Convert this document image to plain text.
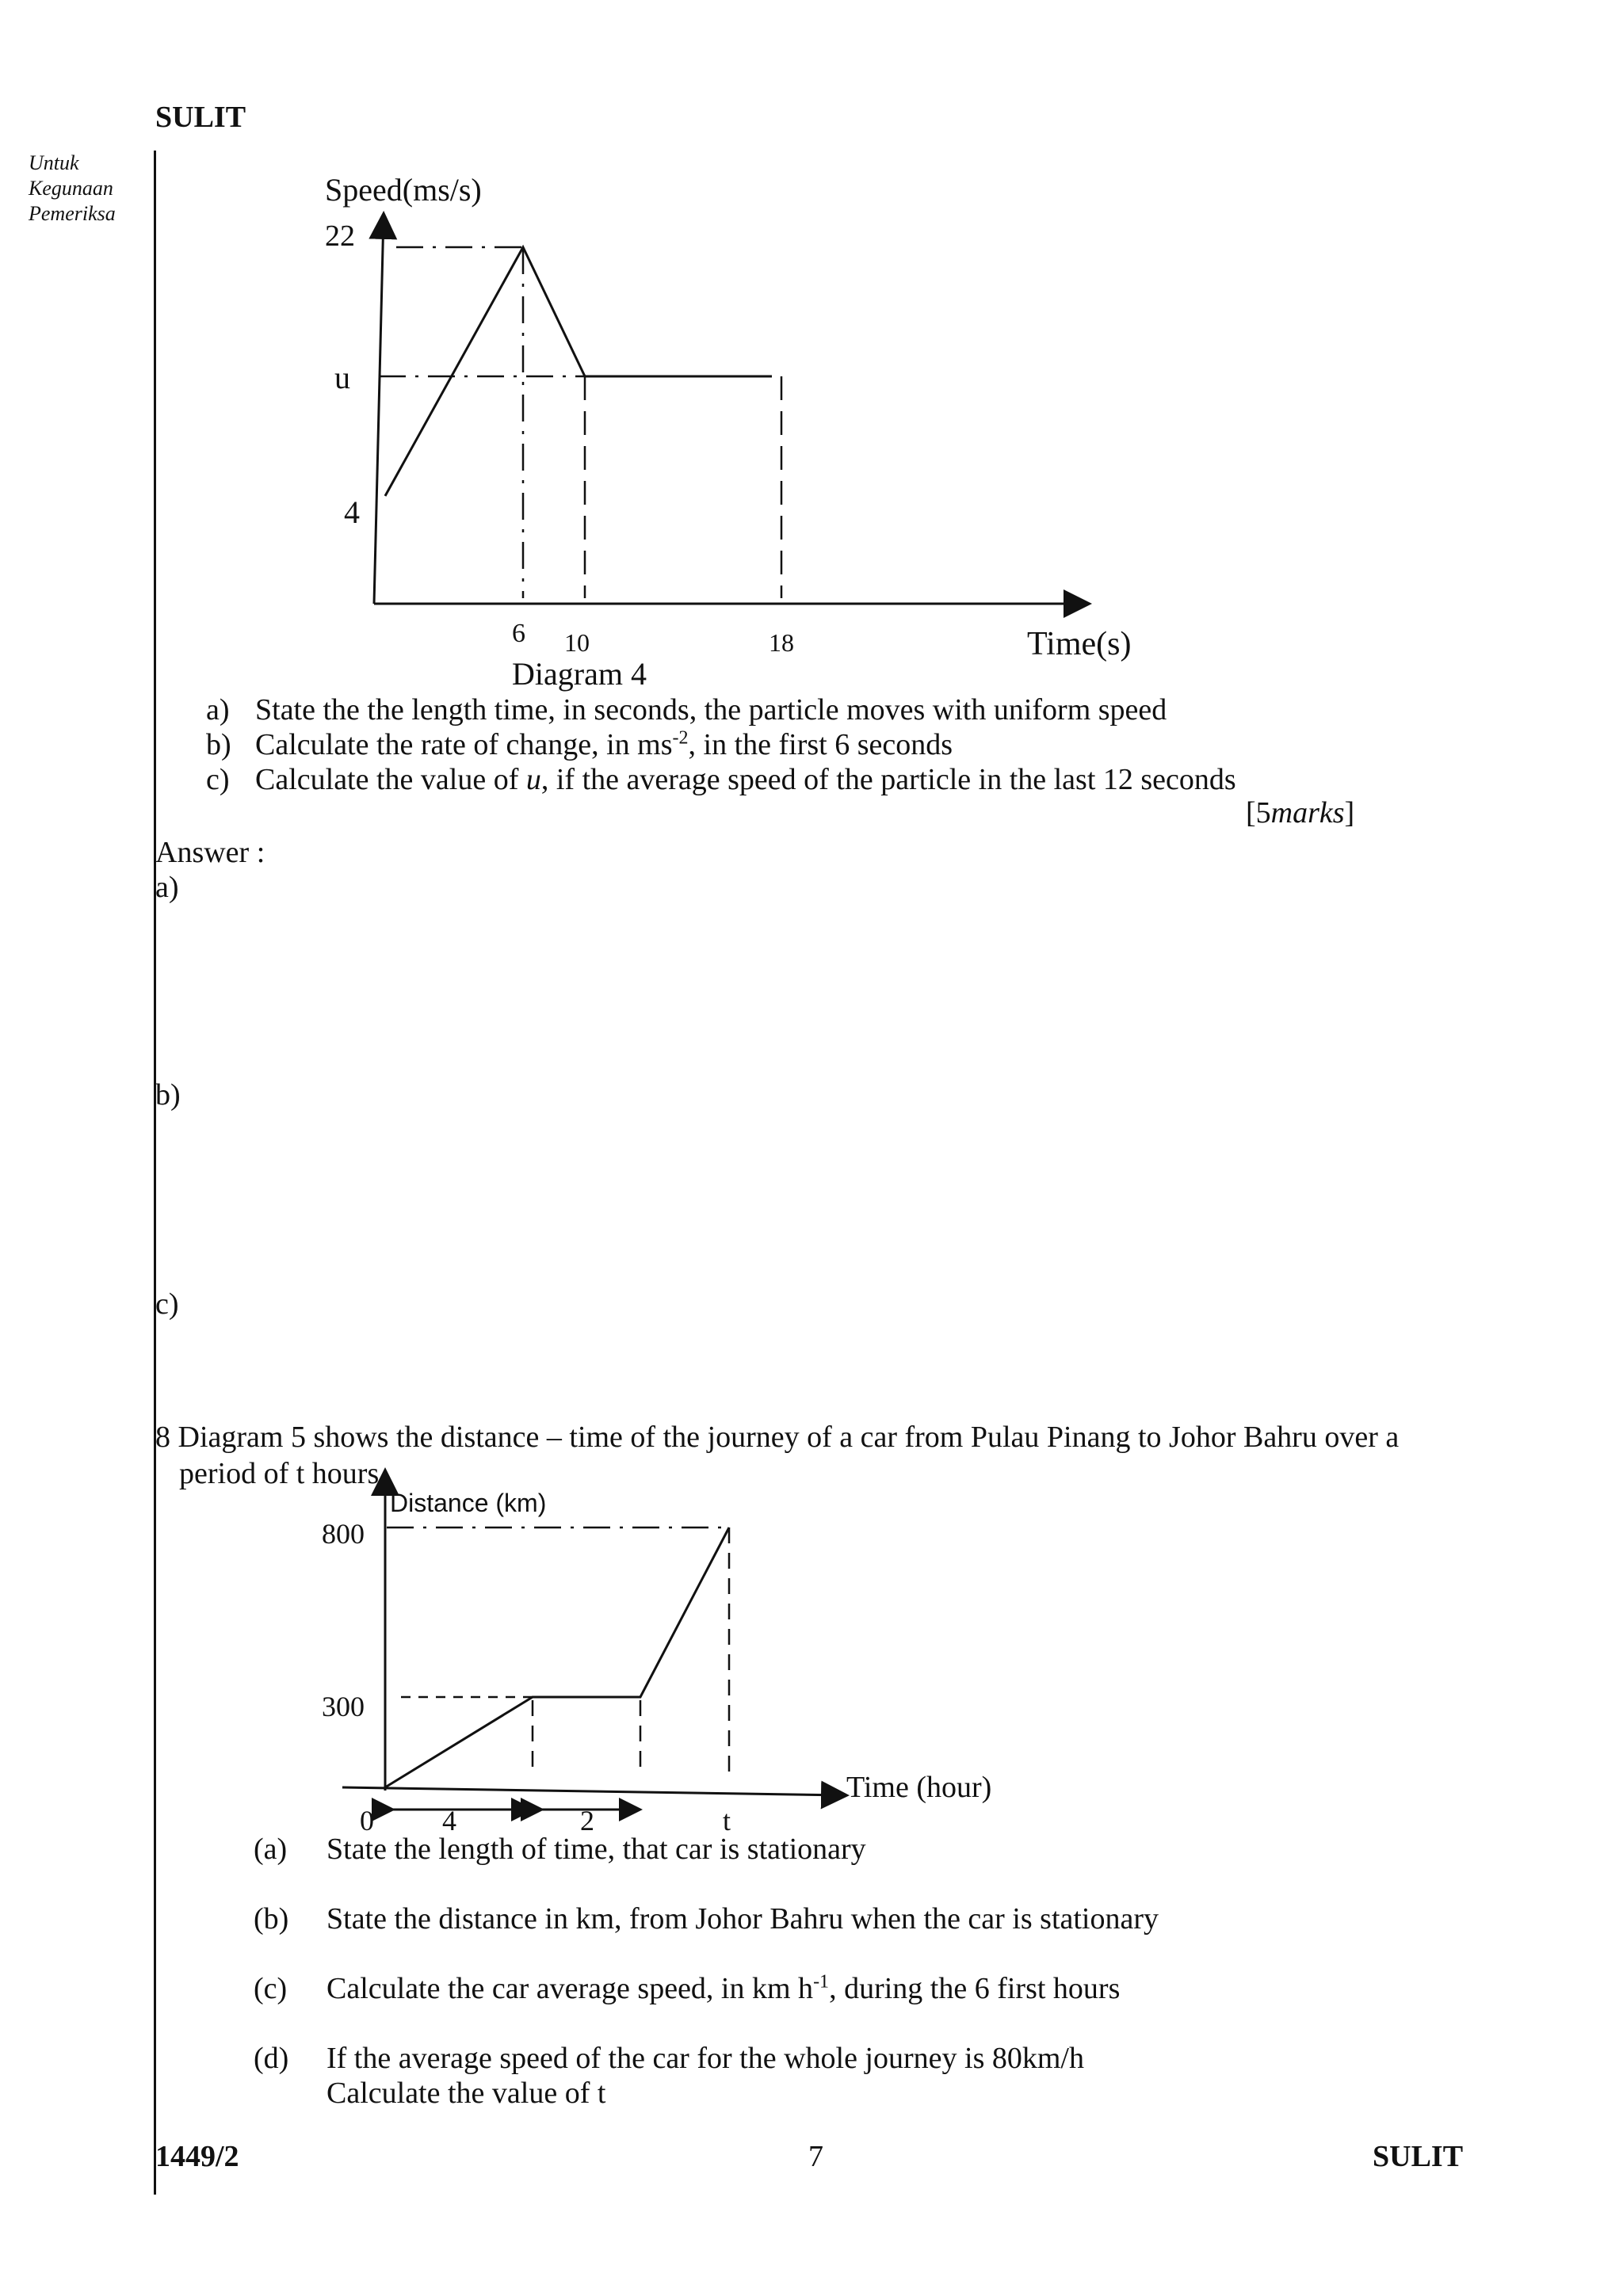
SULIT
Untuk
Kegunaan
Pemeriksa
Speed(ms/s)
22
u
4
6 10	18	Time(s)
Diagram 4
a) State the the length time, in seconds, the particle moves with uniform speed
b) Calculate the rate of change, in $ms^{-2}$, in the first 6 seconds
c) Calculate the value of u, if the average speed of the particle in the last 12 seconds
[5marks]
Answer :
a)
b)
c)
8 Diagram 5 shows the distance – time of the journey of a car from Pulau Pinang to Johor Bahru over a
period of t hours
Distance (km)
800
300
0 4	2	t
Time (hour)
(a) State the length of time, that car is stationary
(b) State the distance in km, from Johor Bahru when the car is stationary
(c) Calculate the car average speed, in km $h^{-1}$, during the 6 first hours
(d) If the average speed of the car for the whole journey is 80km/h
Calculate the value of t
1449/2	7	SULIT
